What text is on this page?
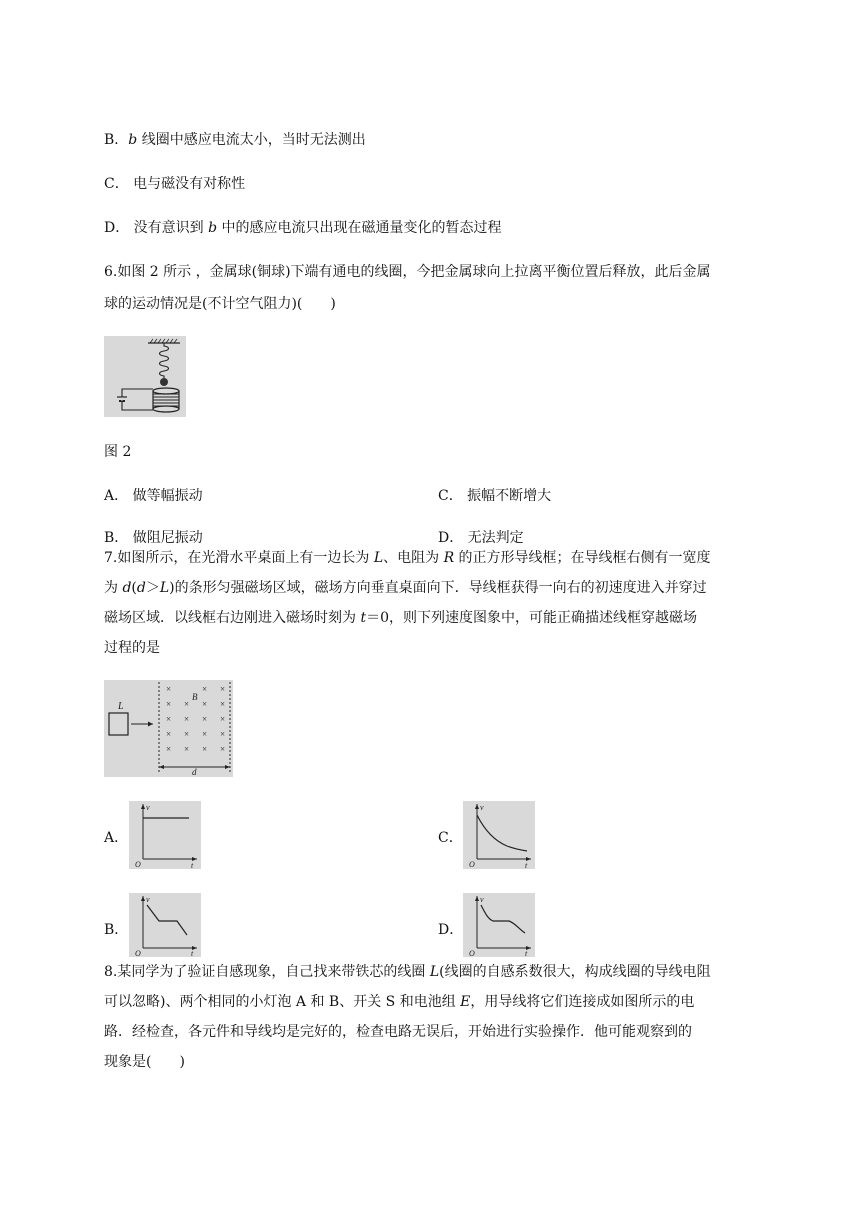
B．b 线圈中感应电流太小，当时无法测出
C． 电与磁没有对称性
D． 没有意识到 b 中的感应电流只出现在磁通量变化的暂态过程
6.如图 2 所示 ，金属球(铜球)下端有通电的线圈，今把金属球向上拉离平衡位置后释放，此后金属
球的运动情况是(不计空气阻力)(　　)
图 2
A． 做等幅振动	C． 振幅不断增大
B． 做阻尼振动	D． 无法判定
7.如图所示，在光滑水平桌面上有一边长为 L、电阻为 R 的正方形导线框；在导线框右侧有一宽度
为 d(d＞L)的条形匀强磁场区域，磁场方向垂直桌面向下．导线框获得一向右的初速度进入并穿过
磁场区域．以线框右边刚进入磁场时刻为 t＝0，则下列速度图象中，可能正确描述线框穿越磁场
过程的是
L
×	× ×
× × × ×
× × × ×
× × × ×
× × × ×
B
d
A．
v
O	t
C．
v
O	t
B．
v
O	t
D．
v
O	t
8.某同学为了验证自感现象，自己找来带铁芯的线圈 L(线圈的自感系数很大，构成线圈的导线电阻
可以忽略)、两个相同的小灯泡 A 和 B、开关 S 和电池组 E，用导线将它们连接成如图所示的电
路．经检查，各元件和导线均是完好的，检查电路无误后，开始进行实验操作．他可能观察到的
现象是(　　)
